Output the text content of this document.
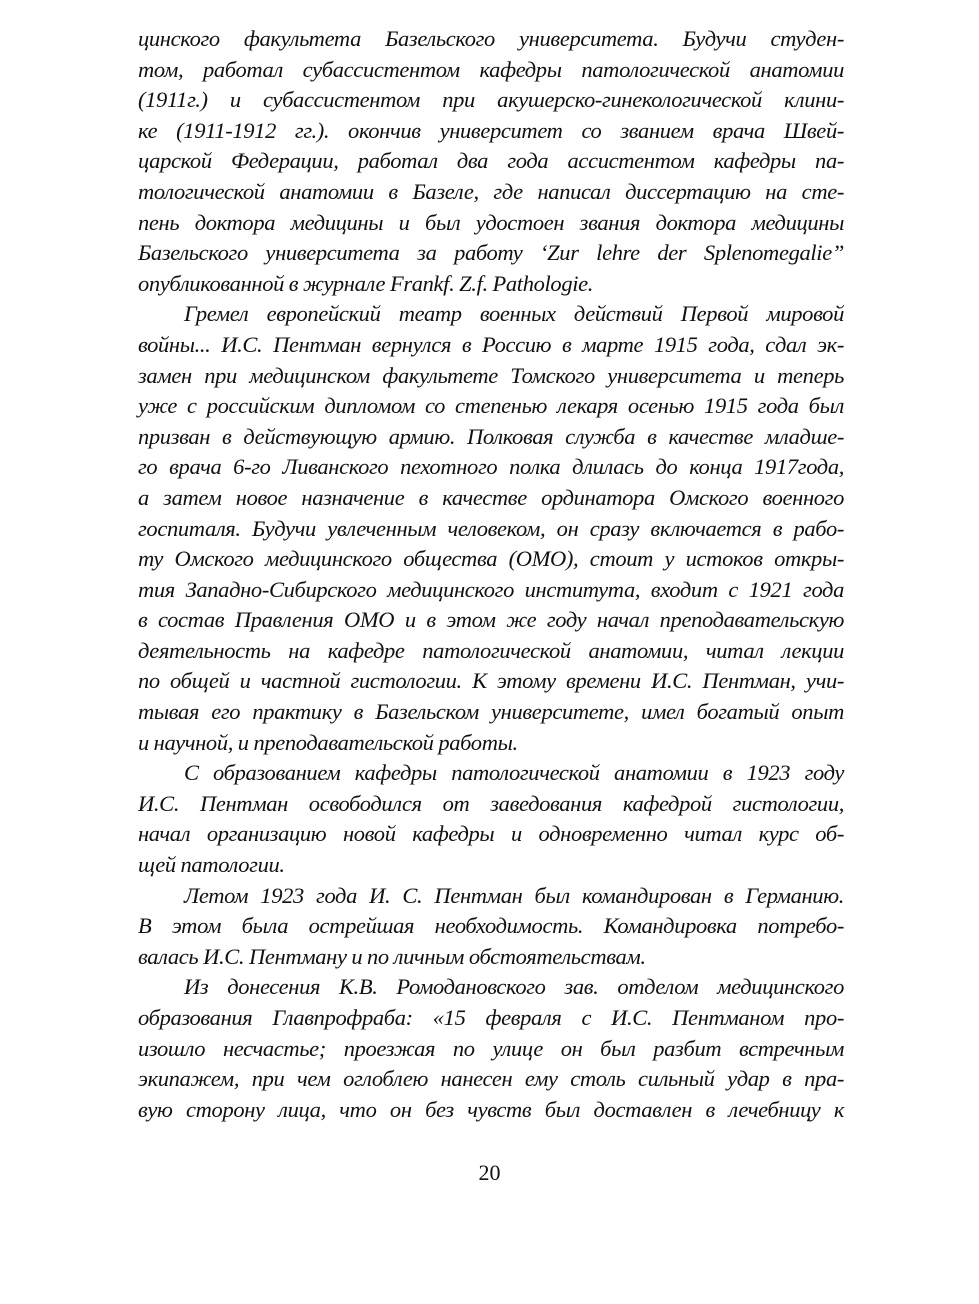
цинского факультета Базельского университета. Будучи студен-
том, работал субассистентом кафедры патологической анатомии
(1911г.) и субассистентом при акушерско-гинекологической клини-
ке (1911-1912 гг.). окончив университет со званием врача Швей-
царской Федерации, работал два года ассистентом кафедры па-
тологической анатомии в Базеле, где написал диссертацию на сте-
пень доктора медицины и был удостоен звания доктора медицины
Базельского университета за работу ‘Zur lehre der Splenomegalie”
опубликованной в журнале Frankf. Z.f. Pathologie.

Гремел европейский театр военных действий Первой мировой
войны... И.С. Пентман вернулся в Россию в марте 1915 года, сдал эк-
замен при медицинском факультете Томского университета и теперь
уже с российским дипломом со степенью лекаря осенью 1915 года был
призван в действующую армию. Полковая служба в качестве младше-
го врача 6-го Ливанского пехотного полка длилась до конца 1917года,
а затем новое назначение в качестве ординатора Омского военного
госпиталя. Будучи увлеченным человеком, он сразу включается в рабо-
ту Омского медицинского общества (ОМО), стоит у истоков откры-
тия Западно-Сибирского медицинского института, входит с 1921 года
в состав Правления ОМО и в этом же году начал преподавательскую
деятельность на кафедре патологической анатомии, читал лекции
по общей и частной гистологии. К этому времени И.С. Пентман, учи-
тывая его практику в Базельском университете, имел богатый опыт
и научной, и преподавательской работы.

С образованием кафедры патологической анатомии в 1923 году
И.С. Пентман освободился от заведования кафедрой гистологии,
начал организацию новой кафедры и одновременно читал курс об-
щей патологии.

Летом 1923 года И. С. Пентман был командирован в Германию.
В этом была острейшая необходимость. Командировка потребо-
валась И.С. Пентману и по личным обстоятельствам.

Из донесения К.В. Ромодановского зав. отделом медицинского
образования Главпрофраба: «15 февраля с И.С. Пентманом про-
изошло несчастье; проезжая по улице он был разбит встречным
экипажем, при чем оглоблею нанесен ему столь сильный удар в пра-
вую сторону лица, что он без чувств был доставлен в лечебницу к

20
